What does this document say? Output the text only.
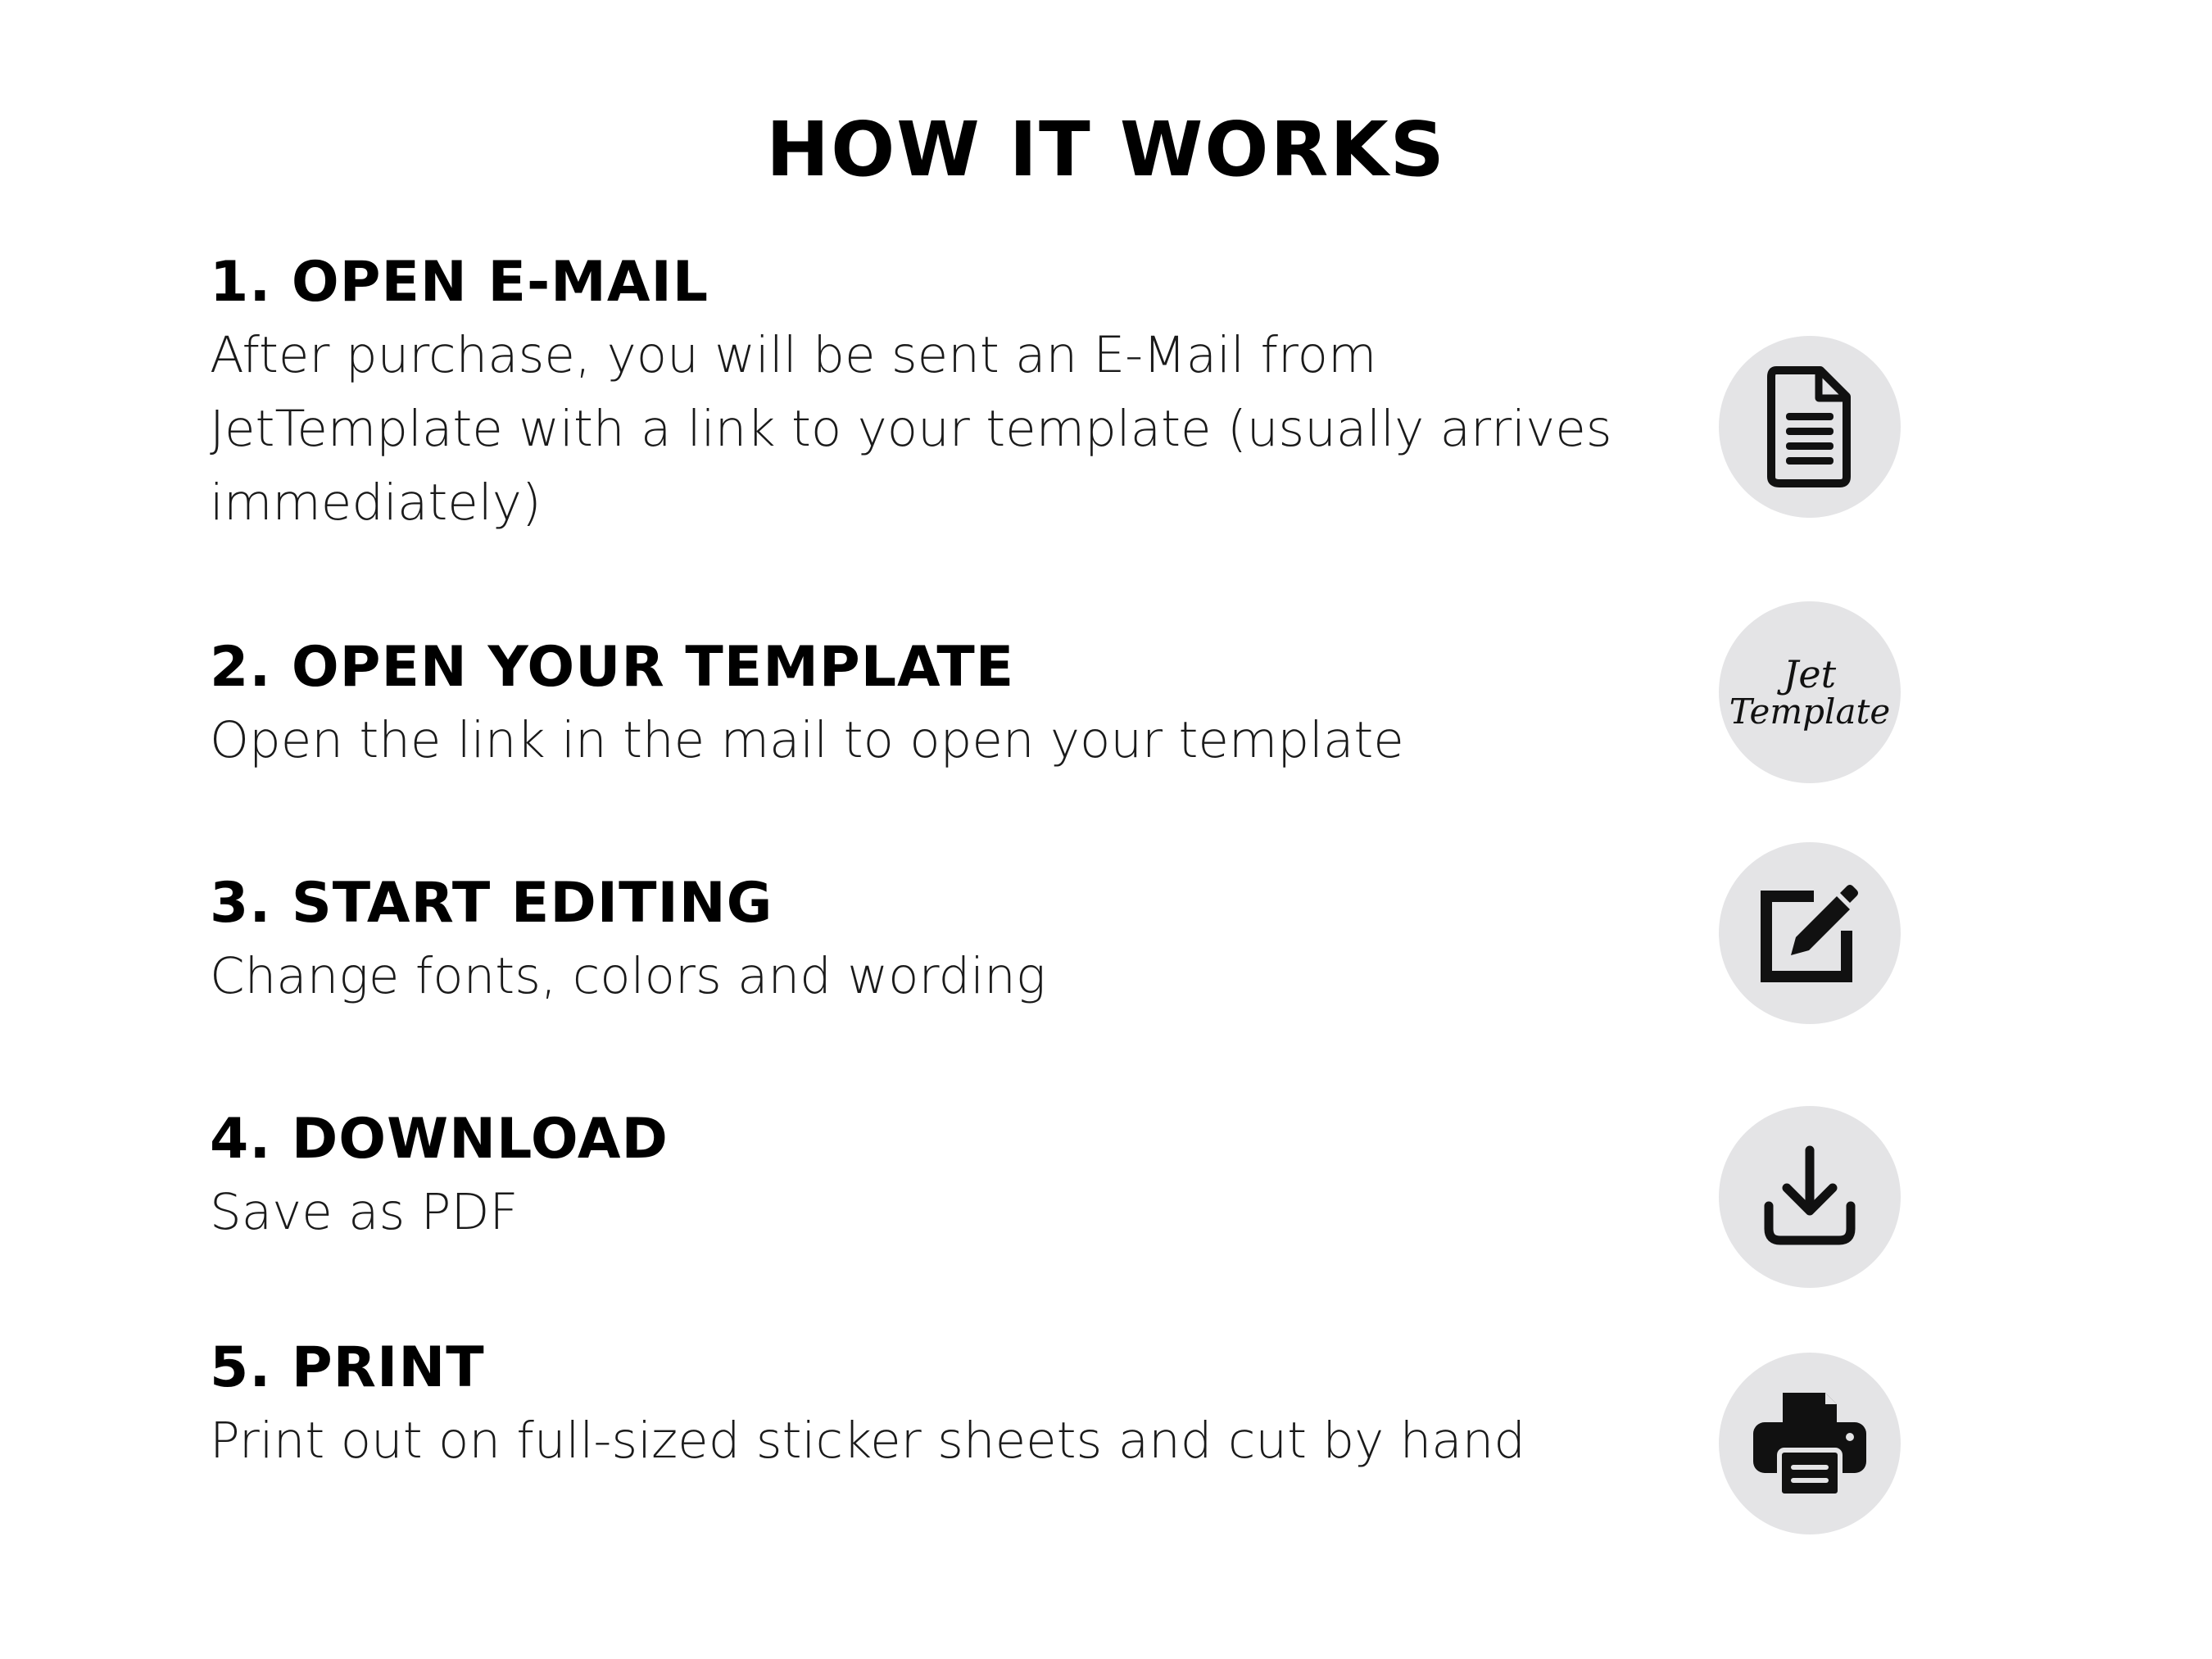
HOW IT WORKS

1. OPEN E-MAIL

After purchase, you will be sent an E-Mail from JetTemplate with a link to your template (usually arrives immediately)

2. OPEN YOUR TEMPLATE

Open the link in the mail to open your template

Jet
Template

3. START EDITING

Change fonts, colors and wording

4. DOWNLOAD

Save as PDF

5. PRINT

Print out on full-sized sticker sheets and cut by hand
